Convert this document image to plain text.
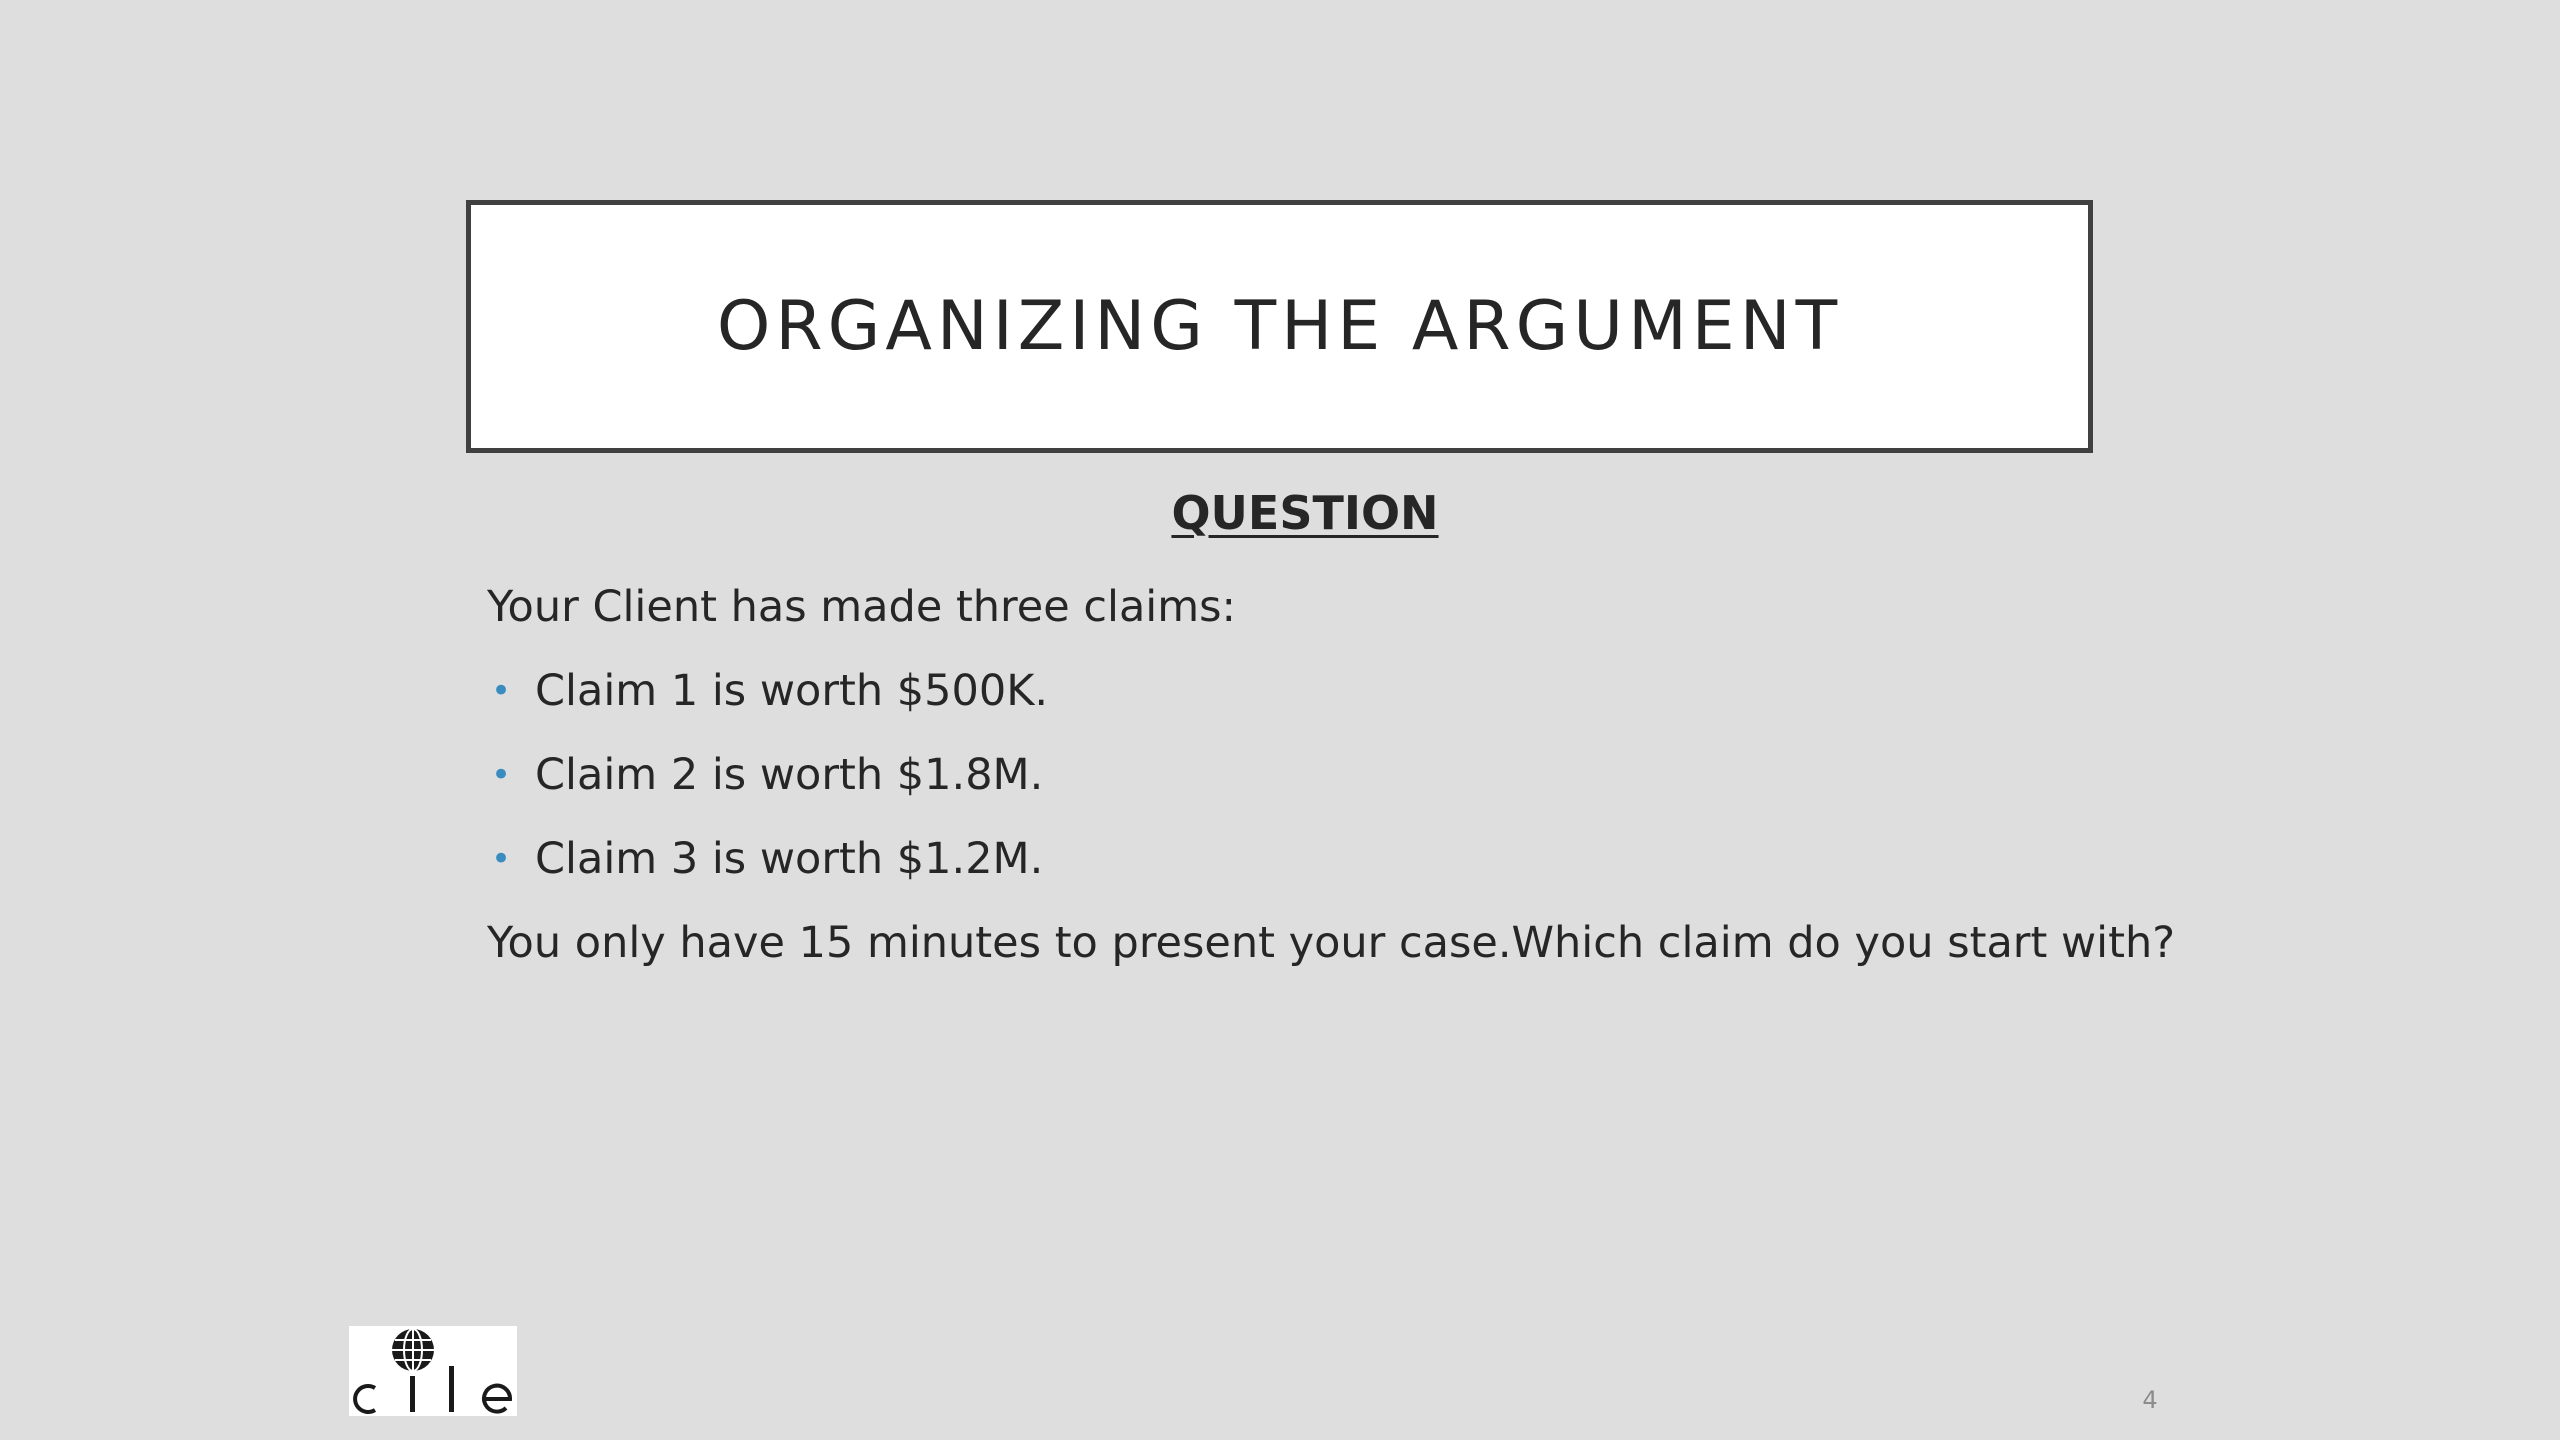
ORGANIZING THE ARGUMENT
QUESTION

Your Client has made three claims:

• Claim 1 is worth $500K.
• Claim 2 is worth $1.8M.
• Claim 3 is worth $1.2M.

You only have 15 minutes to present your case.Which claim do you start with?

4
